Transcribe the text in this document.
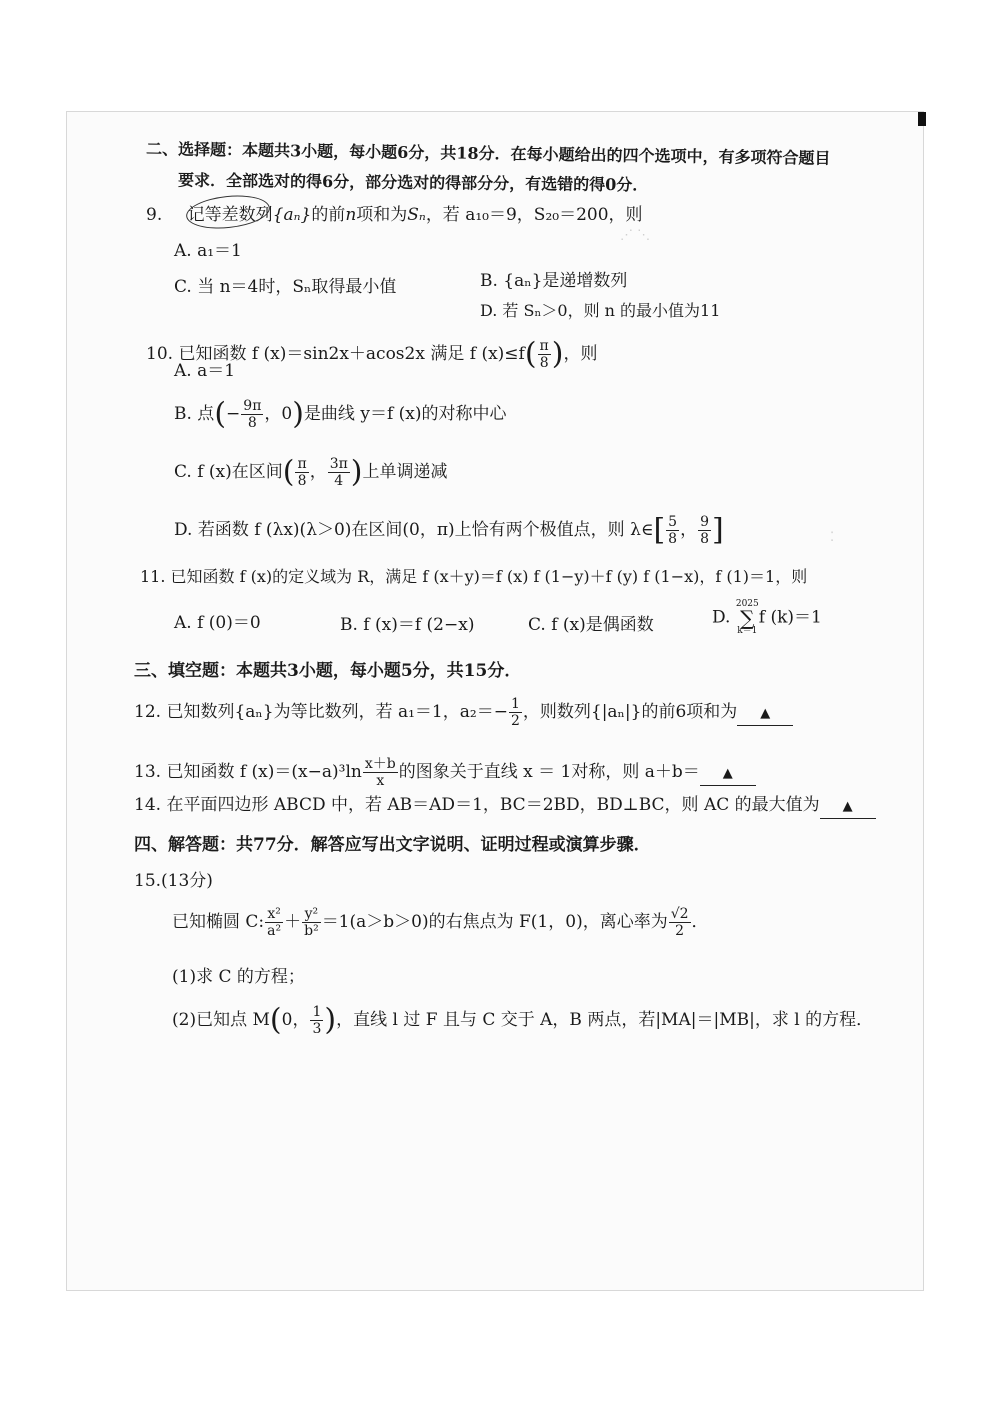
⋰ ⋱
⁚
二、选择题：本题共3小题，每小题6分，共18分．在每小题给出的四个选项中，有多项符合题目
要求．全部选对的得6分，部分选对的得部分分，有选错的得0分．
9. 记等差数列{aₙ}的前n项和为Sₙ，若 a₁₀＝9，S₂₀＝200，则
A. a₁＝1
C. 当 n＝4时，Sₙ取得最小值	B. {aₙ}是递增数列
D. 若 Sₙ＞0，则 n 的最小值为11
10. 已知函数 f (x)＝sin2x＋acos2x 满足 f $(x)\le f( \frac{\pi}{8}$ )，则
A. a＝1
B. 点(− $\frac{9\pi}{8}$ ，0)是曲线 y＝f (x)的对称中心
C. f (x)在区间( $\frac{\pi}{8}$ ， $\frac{3\pi}{4}$ )上单调递减
D. 若函数 f (λx)(λ＞0)在区间(0，π)上恰有两个极值点，则 λ∈[ $\frac{5}{8}$ ， $\frac{9}{8}$ ]
11. 已知函数 f (x)的定义域为 R，满足 f (x＋y)＝f (x) f (1−y)＋f (y) f (1−x)，f (1)＝1，则
A. f (0)＝0	B. f (x)＝f (2−x)	C. f (x)是偶函数	D. 2025
∑
k＝1f (k)＝1
三、填空题：本题共3小题，每小题5分，共15分．
12. 已知数列{aₙ}为等比数列，若 a₁＝1，$a_2=- \frac{1}{2}$ ，则数列{|aₙ|}的前6项和为 ▲
13. 已知函数 f $(x)=(x-a)^3\ln \frac{x+b}{x}$ 的图象关于直线 x ＝ 1对称，则 a＋b＝ ▲
14. 在平面四边形 ABCD 中，若 AB＝AD＝1，BC＝2BD，BD⊥BC，则 AC 的最大值为 ▲
四、解答题：共77分．解答应写出文字说明、证明过程或演算步骤．
15.(13分)
已知椭圆 C: $\frac{\text{x²}}{\text{a²}} + \frac{\text{y²}}{\text{b²}} =1(a>b>0)$的右焦点为 F(1，0)，离心率为 $\frac{√2}{2}$ ．
(1)求 C 的方程；
(2)已知点 M(0， $\frac{1}{3}$ )，直线 l 过 F 且与 C 交于 A，B 两点，若|MA|＝|MB|，求 l 的方程．
